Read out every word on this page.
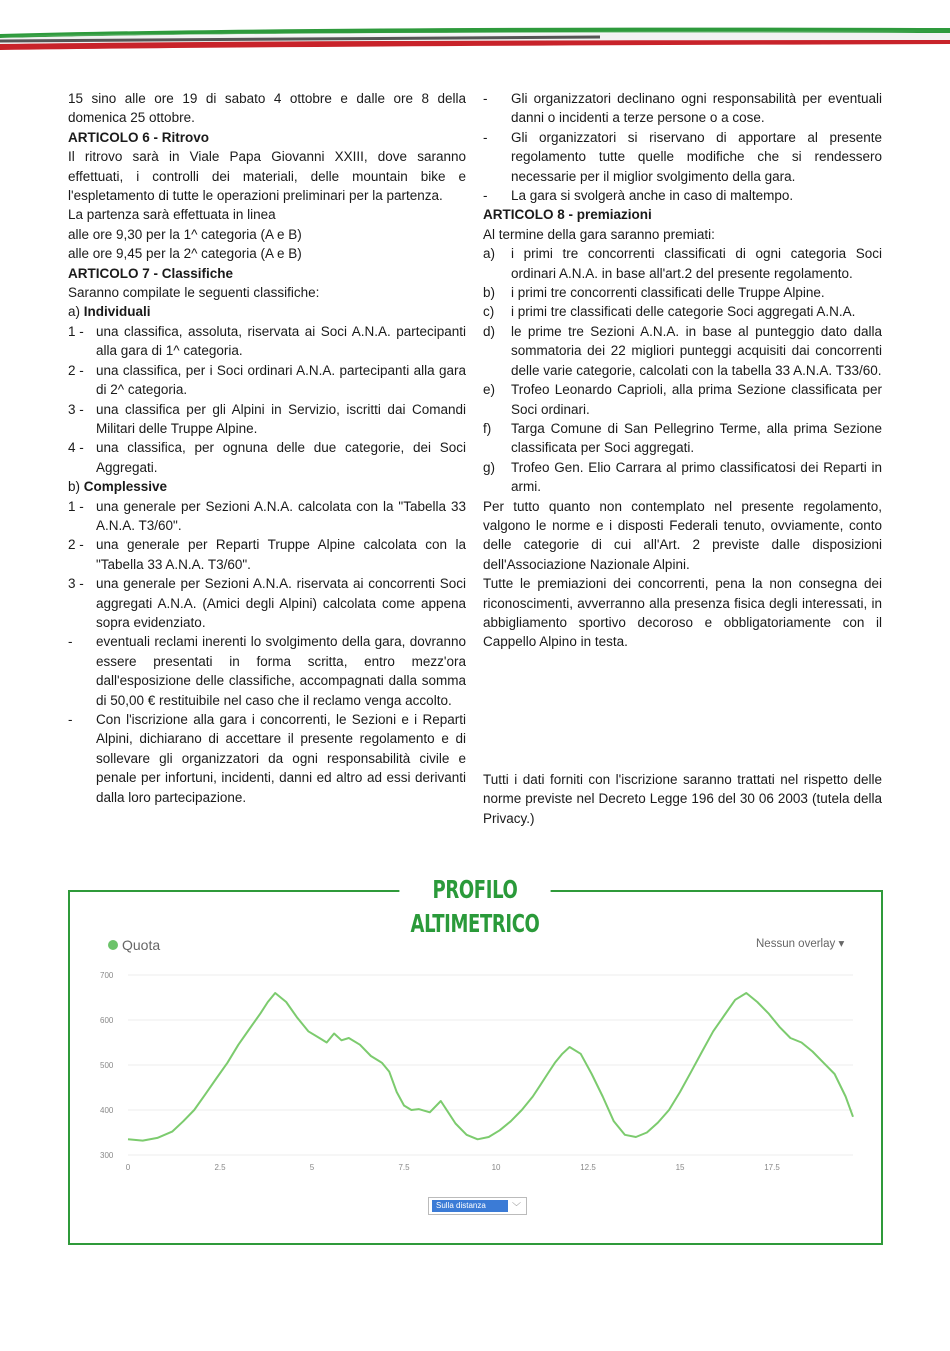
15 sino alle ore 19 di sabato 4 ottobre e dalle ore 8 della domenica 25 ottobre.

ARTICOLO 6 - Ritrovo

Il ritrovo sarà in Viale Papa Giovanni XXIII, dove saranno effettuati, i controlli dei materiali, delle mountain bike e l'espletamento di tutte le operazioni preliminari per la partenza.

La partenza sarà effettuata in linea

alle ore 9,30 per la 1^ categoria (A e B)

alle ore 9,45 per la 2^ categoria (A e B)

ARTICOLO 7 - Classifiche

Saranno compilate le seguenti classifiche:

a) Individuali

1 - una classifica, assoluta, riservata ai Soci A.N.A. partecipanti alla gara di 1^ categoria.
2 - una classifica, per i Soci ordinari A.N.A. partecipanti alla gara di 2^ categoria.
3 - una classifica per gli Alpini in Servizio, iscritti dai Comandi Militari delle Truppe Alpine.
4 - una classifica, per ognuna delle due categorie, dei Soci Aggregati.

b) Complessive

1 - una generale per Sezioni A.N.A. calcolata con la "Tabella 33 A.N.A. T3/60".
2 - una generale per Reparti Truppe Alpine calcolata con la "Tabella 33 A.N.A. T3/60".
3 - una generale per Sezioni A.N.A. riservata ai concorrenti Soci aggregati A.N.A. (Amici degli Alpini) calcolata come appena sopra evidenziato.
-	eventuali reclami inerenti lo svolgimento della gara, dovranno essere presentati in forma scritta, entro mezz'ora dall'esposizione delle classifiche, accompagnati dalla somma di 50,00 € restituibile nel caso che il reclamo venga accolto.
-	Con l'iscrizione alla gara i concorrenti, le Sezioni e i Reparti Alpini, dichiarano di accettare il presente regolamento e di sollevare gli organizzatori da ogni responsabilità civile e penale per infortuni, incidenti, danni ed altro ad essi derivanti dalla loro partecipazione.
-	Gli organizzatori declinano ogni responsabilità per eventuali danni o incidenti a terze persone o a cose.
-	Gli organizzatori si riservano di apportare al presente regolamento tutte quelle modifiche che si rendessero necessarie per il miglior svolgimento della gara.
-	La gara si svolgerà anche in caso di maltempo.

ARTICOLO 8 - premiazioni

Al termine della gara saranno premiati:

a)	i primi tre concorrenti classificati di ogni categoria Soci ordinari A.N.A. in base all'art.2 del presente regolamento.
b)	i primi tre concorrenti classificati delle Truppe Alpine.
c)	i primi tre classificati delle categorie Soci aggregati A.N.A.
d)	le prime tre Sezioni A.N.A. in base al punteggio dato dalla sommatoria dei 22 migliori punteggi acquisiti dai concorrenti delle varie categorie, calcolati con la tabella 33 A.N.A. T33/60.
e)	Trofeo Leonardo Caprioli, alla prima Sezione classificata per Soci ordinari.
f)	Targa Comune di San Pellegrino Terme, alla prima Sezione classificata per Soci aggregati.
g)	Trofeo Gen. Elio Carrara al primo classificatosi dei Reparti in armi.

Per tutto quanto non contemplato nel presente regolamento, valgono le norme e i disposti Federali tenuto, ovviamente, conto delle categorie di cui all'Art. 2 previste dalle disposizioni dell'Associazione Nazionale Alpini.

Tutte le premiazioni dei concorrenti, pena la non consegna dei riconoscimenti, avverranno alla presenza fisica degli interessati, in abbigliamento sportivo decoroso e obbligatoriamente con il Cappello Alpino in testa.

Tutti i dati forniti con l'iscrizione saranno trattati nel rispetto delle norme previste nel Decreto Legge 196 del 30 06 2003 (tutela della Privacy.)

PROFILO ALTIMETRICO
Quota	Nessun overlay ▾
700
600
500
400
300
0	2.5	5	7.5	10	12.5	15	17.5
Sulla distanza	﹀
